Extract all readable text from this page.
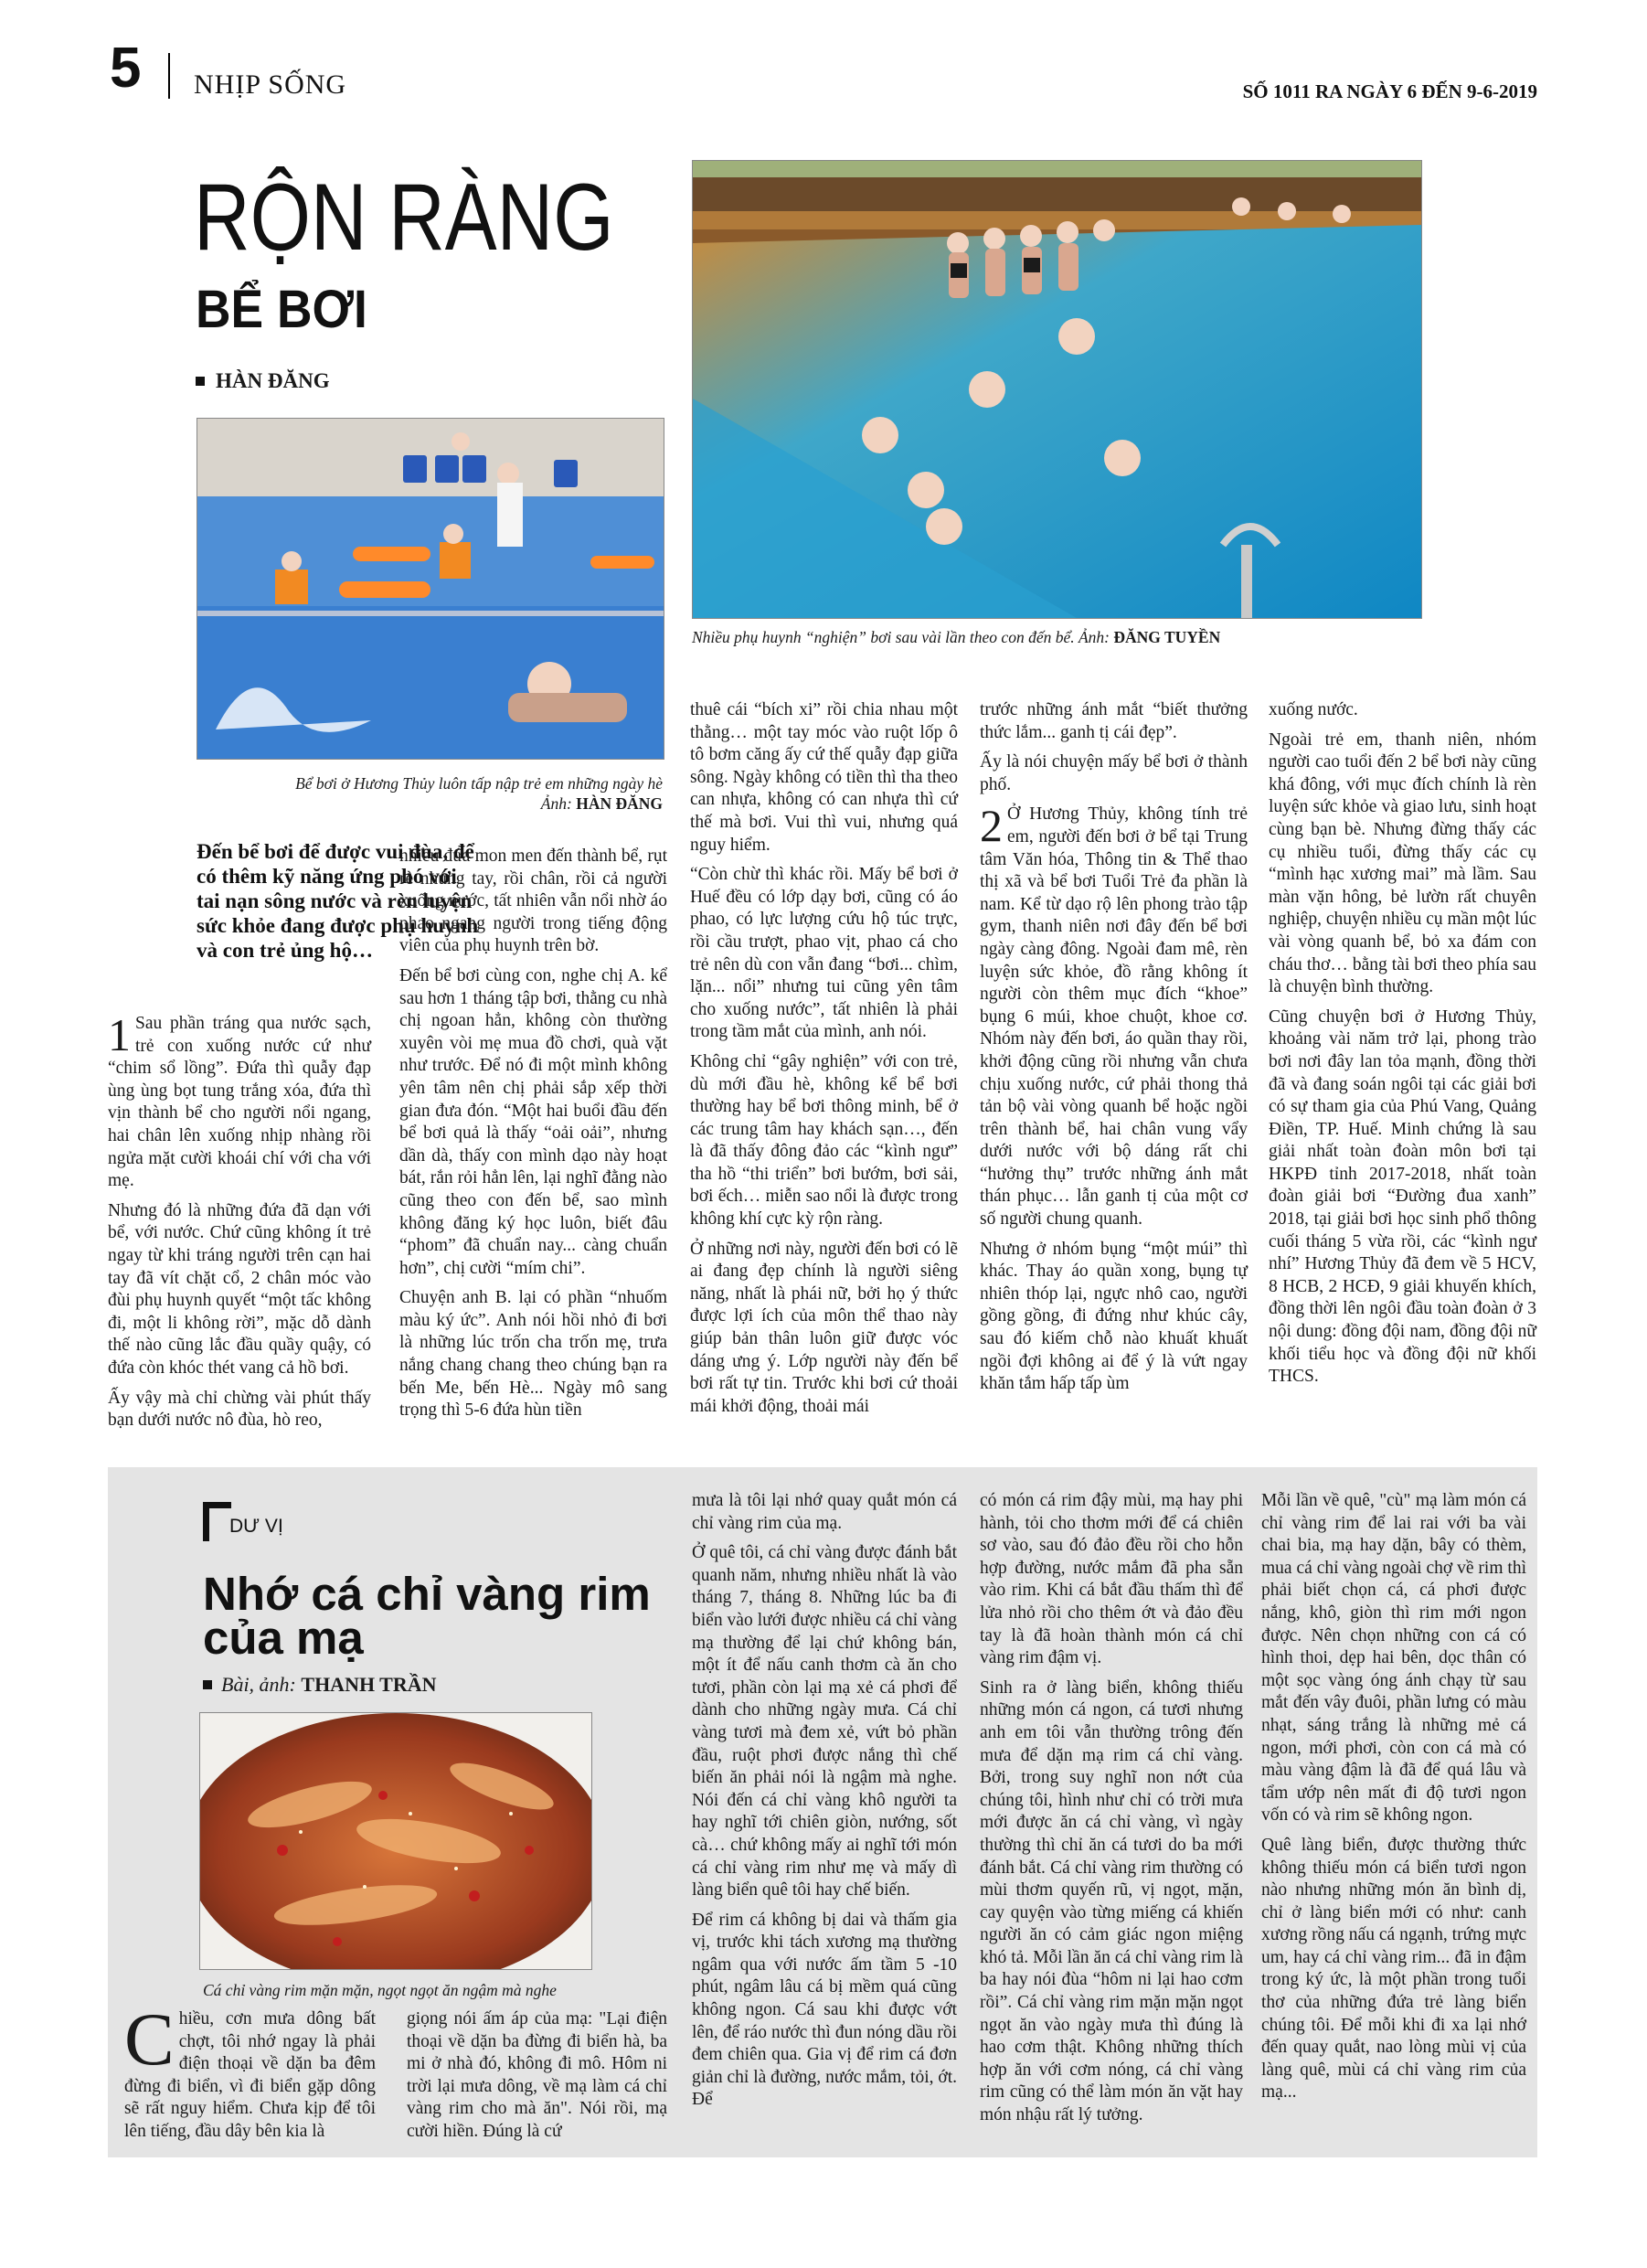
5 NHỊP SỐNG	SỐ 1011 RA NGÀY 6 ĐẾN 9-6-2019
RỘN RÀNG
BỂ BƠI
HÀN ĐĂNG
Nhiều phụ huynh “nghiện” bơi sau vài lần theo con đến bể. Ảnh: ĐĂNG TUYỀN
Bể bơi ở Hương Thủy luôn tấp nập trẻ em những ngày hè
Ảnh: HÀN ĐĂNG
Đến bể bơi để được vui đùa, để có thêm kỹ năng ứng phó với tai nạn sông nước và rèn luyện sức khỏe đang được phụ huynh và con trẻ ủng hộ…

1 Sau phần tráng qua nước sạch, trẻ con xuống nước cứ như “chim sổ lồng”. Đứa thì quẫy đạp ùng ùng bọt tung trắng xóa, đứa thì vịn thành bể cho người nổi ngang, hai chân lên xuống nhịp nhàng rồi ngửa mặt cười khoái chí với cha với mẹ.

Nhưng đó là những đứa đã dạn với bể, với nước. Chứ cũng không ít trẻ ngay từ khi tráng người trên cạn hai tay đã vít chặt cổ, 2 chân móc vào đùi phụ huynh quyết “một tấc không đi, một li không rời”, mặc dỗ dành thế nào cũng lắc đầu quầy quậy, có đứa còn khóc thét vang cả hồ bơi.

Ấy vậy mà chỉ chừng vài phút thấy bạn dưới nước nô đùa, hò reo,

nhiều đứa mon men đến thành bể, rụt rè nhúng tay, rồi chân, rồi cả người xuống nước, tất nhiên vẫn nổi nhờ áo phao ngang người trong tiếng động viên của phụ huynh trên bờ.

Đến bể bơi cùng con, nghe chị A. kể sau hơn 1 tháng tập bơi, thằng cu nhà chị ngoan hẳn, không còn thường xuyên vòi mẹ mua đồ chơi, quà vặt như trước. Để nó đi một mình không yên tâm nên chị phải sắp xếp thời gian đưa đón. “Một hai buổi đầu đến bể bơi quả là thấy “oải oải”, nhưng dần dà, thấy con mình dạo này hoạt bát, rắn rỏi hẳn lên, lại nghĩ đằng nào cũng theo con đến bể, sao mình không đăng ký học luôn, biết đâu “phom” đã chuẩn nay... càng chuẩn hơn”, chị cười “mím chi”.

Chuyện anh B. lại có phần “nhuốm màu ký ức”. Anh nói hồi nhỏ đi bơi là những lúc trốn cha trốn mẹ, trưa nắng chang chang theo chúng bạn ra bến Me, bến Hè... Ngày mô sang trọng thì 5-6 đứa hùn tiền

thuê cái “bích xi” rồi chia nhau một thằng… một tay móc vào ruột lốp ô tô bơm căng ấy cứ thế quẫy đạp giữa sông. Ngày không có tiền thì tha theo can nhựa, không có can nhựa thì cứ thế mà bơi. Vui thì vui, nhưng quá nguy hiểm.

“Còn chừ thì khác rồi. Mấy bể bơi ở Huế đều có lớp dạy bơi, cũng có áo phao, có lực lượng cứu hộ túc trực, rồi cầu trượt, phao vịt, phao cá cho trẻ nên dù con vẫn đang “bơi... chìm, lặn... nổi” nhưng tui cũng yên tâm cho xuống nước”, tất nhiên là phải trong tầm mắt của mình, anh nói.

Không chỉ “gây nghiện” với con trẻ, dù mới đầu hè, không kể bể bơi thường hay bể bơi thông minh, bể ở các trung tâm hay khách sạn…, đến là đã thấy đông đảo các “kình ngư” tha hồ “thi triển” bơi bướm, bơi sải, bơi ếch… miễn sao nổi là được trong không khí cực kỳ rộn ràng.

Ở những nơi này, người đến bơi có lẽ ai đang đẹp chính là người siêng năng, nhất là phái nữ, bởi họ ý thức được lợi ích của môn thể thao này giúp bản thân luôn giữ được vóc dáng ưng ý. Lớp người này đến bể bơi rất tự tin. Trước khi bơi cứ thoải mái khởi động, thoải mái

trước những ánh mắt “biết thưởng thức lắm... ganh tị cái đẹp”.

Ấy là nói chuyện mấy bể bơi ở thành phố.

2 Ở Hương Thủy, không tính trẻ em, người đến bơi ở bể tại Trung tâm Văn hóa, Thông tin & Thể thao thị xã và bể bơi Tuổi Trẻ đa phần là nam. Kể từ dạo rộ lên phong trào tập gym, thanh niên nơi đây đến bể bơi ngày càng đông. Ngoài đam mê, rèn luyện sức khỏe, đồ rằng không ít người còn thêm mục đích “khoe” bụng 6 múi, khoe chuột, khoe cơ. Nhóm này đến bơi, áo quần thay rồi, khởi động cũng rồi nhưng vẫn chưa chịu xuống nước, cứ phải thong thả tản bộ vài vòng quanh bể hoặc ngồi trên thành bể, hai chân vung vẩy dưới nước với bộ dáng rất chi “hưởng thụ” trước những ánh mắt thán phục… lẫn ganh tị của một cơ số người chung quanh.

Nhưng ở nhóm bụng “một múi” thì khác. Thay áo quần xong, bụng tự nhiên thóp lại, ngực nhô cao, người gồng gồng, đi đứng như khúc cây, sau đó kiếm chỗ nào khuất khuất ngồi đợi không ai để ý là vứt ngay khăn tắm hấp tấp ùm

xuống nước.

Ngoài trẻ em, thanh niên, nhóm người cao tuổi đến 2 bể bơi này cũng khá đông, với mục đích chính là rèn luyện sức khỏe và giao lưu, sinh hoạt cùng bạn bè. Nhưng đừng thấy các cụ nhiều tuổi, đừng thấy các cụ “mình hạc xương mai” mà lầm. Sau màn vặn hông, bẻ lườn rất chuyên nghiệp, chuyện nhiều cụ mần một lúc vài vòng quanh bể, bỏ xa đám con cháu thơ… bằng tài bơi theo phía sau là chuyện bình thường.

Cũng chuyện bơi ở Hương Thủy, khoảng vài năm trở lại, phong trào bơi nơi đây lan tỏa mạnh, đồng thời đã và đang soán ngôi tại các giải bơi có sự tham gia của Phú Vang, Quảng Điền, TP. Huế. Minh chứng là sau giải nhất toàn đoàn môn bơi tại HKPĐ tỉnh 2017-2018, nhất toàn đoàn giải bơi “Đường đua xanh” 2018, tại giải bơi học sinh phổ thông cuối tháng 5 vừa rồi, các “kình ngư nhí” Hương Thủy đã đem về 5 HCV, 8 HCB, 2 HCĐ, 9 giải khuyến khích, đồng thời lên ngôi đầu toàn đoàn ở 3 nội dung: đồng đội nam, đồng đội nữ khối tiểu học và đồng đội nữ khối THCS.

DƯ VỊ
Nhớ cá chỉ vàng rim
của mạ
Bài, ảnh: THANH TRẦN
Cá chỉ vàng rim mặn mặn, ngọt ngọt ăn ngậm mà nghe

Chiều, cơn mưa dông bất chợt, tôi nhớ ngay là phải điện thoại về dặn ba đêm đừng đi biển, vì đi biển gặp dông sẽ rất nguy hiểm. Chưa kịp để tôi lên tiếng, đầu dây bên kia là

giọng nói ấm áp của mạ: "Lại điện thoại về dặn ba đừng đi biển hà, ba mi ở nhà đó, không đi mô. Hôm ni trời lại mưa dông, về mạ làm cá chỉ vàng rim cho mà ăn". Nói rồi, mạ cười hiền. Đúng là cứ

mưa là tôi lại nhớ quay quắt món cá chỉ vàng rim của mạ.

Ở quê tôi, cá chỉ vàng được đánh bắt quanh năm, nhưng nhiều nhất là vào tháng 7, tháng 8. Những lúc ba đi biển vào lưới được nhiều cá chỉ vàng mạ thường để lại chứ không bán, một ít để nấu canh thơm cà ăn cho tươi, phần còn lại mạ xẻ cá phơi để dành cho những ngày mưa. Cá chỉ vàng tươi mà đem xẻ, vứt bỏ phần đầu, ruột phơi được nắng thì chế biến ăn phải nói là ngậm mà nghe. Nói đến cá chỉ vàng khô người ta hay nghĩ tới chiên giòn, nướng, sốt cà… chứ không mấy ai nghĩ tới món cá chỉ vàng rim như mẹ và mấy dì làng biển quê tôi hay chế biến.

Để rim cá không bị dai và thấm gia vị, trước khi tách xương mạ thường ngâm qua với nước ấm tầm 5 -10 phút, ngâm lâu cá bị mềm quá cũng không ngon. Cá sau khi được vớt lên, để ráo nước thì đun nóng dầu rồi đem chiên qua. Gia vị để rim cá đơn giản chỉ là đường, nước mắm, tỏi, ớt. Để

có món cá rim đậy mùi, mạ hay phi hành, tỏi cho thơm mới để cá chiên sơ vào, sau đó đảo đều rồi cho hỗn hợp đường, nước mắm đã pha sẵn vào rim. Khi cá bắt đầu thấm thì để lửa nhỏ rồi cho thêm ớt và đảo đều tay là đã hoàn thành món cá chỉ vàng rim đậm vị.

Sinh ra ở làng biển, không thiếu những món cá ngon, cá tươi nhưng anh em tôi vẫn thường trông đến mưa để dặn mạ rim cá chỉ vàng. Bởi, trong suy nghĩ non nớt của chúng tôi, hình như chỉ có trời mưa mới được ăn cá chỉ vàng, vì ngày thường thì chỉ ăn cá tươi do ba mới đánh bắt. Cá chỉ vàng rim thường có mùi thơm quyến rũ, vị ngọt, mặn, cay quyện vào từng miếng cá khiến người ăn có cảm giác ngon miệng khó tả. Mỗi lần ăn cá chỉ vàng rim là ba hay nói đùa “hôm ni lại hao cơm rồi”. Cá chỉ vàng rim mặn mặn ngọt ngọt ăn vào ngày mưa thì đúng là hao cơm thật. Không những thích hợp ăn với cơm nóng, cá chỉ vàng rim cũng có thể làm món ăn vặt hay món nhậu rất lý tưởng.

Mỗi lần về quê, "cù" mạ làm món cá chỉ vàng rim để lai rai với ba vài chai bia, mạ hay dặn, bây có thèm, mua cá chỉ vàng ngoài chợ về rim thì phải biết chọn cá, cá phơi được nắng, khô, giòn thì rim mới ngon được. Nên chọn những con cá có hình thoi, dẹp hai bên, dọc thân có một sọc vàng óng ánh chạy từ sau mắt đến vây đuôi, phần lưng có màu nhạt, sáng trắng là những mẻ cá ngon, mới phơi, còn con cá mà có màu vàng đậm là đã để quá lâu và tẩm ướp nên mất đi độ tươi ngon vốn có và rim sẽ không ngon.

Quê làng biển, được thường thức không thiếu món cá biển tươi ngon nào nhưng những món ăn bình dị, chỉ ở làng biển mới có như: canh xương rồng nấu cá ngạnh, trứng mực um, hay cá chỉ vàng rim... đã in đậm trong ký ức, là một phần trong tuổi thơ của những đứa trẻ làng biển chúng tôi. Để mỗi khi đi xa lại nhớ đến quay quắt, nao lòng mùi vị của làng quê, mùi cá chỉ vàng rim của mạ...
